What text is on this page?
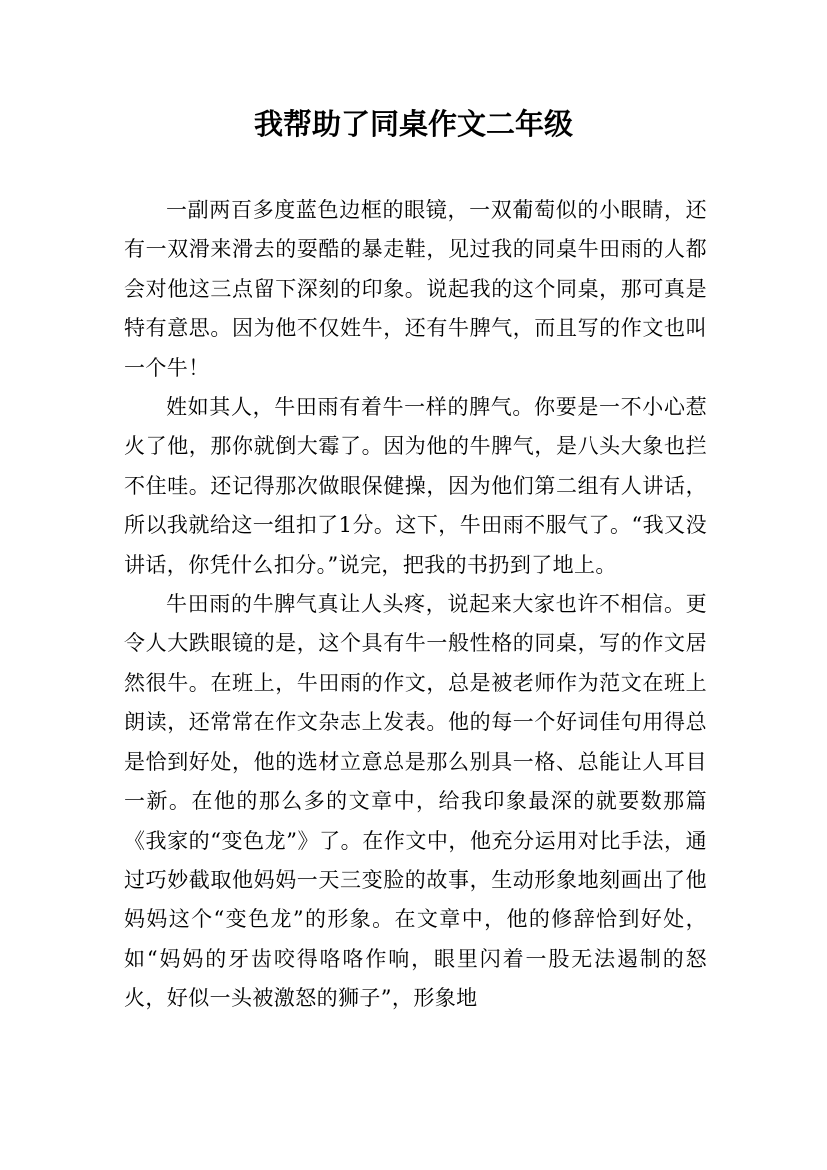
我帮助了同桌作文二年级

一副两百多度蓝色边框的眼镜，一双葡萄似的小眼睛，还有一双滑来滑去的耍酷的暴走鞋，见过我的同桌牛田雨的人都会对他这三点留下深刻的印象。说起我的这个同桌，那可真是特有意思。因为他不仅姓牛，还有牛脾气，而且写的作文也叫一个牛！

姓如其人，牛田雨有着牛一样的脾气。你要是一不小心惹火了他，那你就倒大霉了。因为他的牛脾气，是八头大象也拦不住哇。还记得那次做眼保健操，因为他们第二组有人讲话，所以我就给这一组扣了1分。这下，牛田雨不服气了。“我又没讲话，你凭什么扣分。”说完，把我的书扔到了地上。

牛田雨的牛脾气真让人头疼，说起来大家也许不相信。更令人大跌眼镜的是，这个具有牛一般性格的同桌，写的作文居然很牛。在班上，牛田雨的作文，总是被老师作为范文在班上朗读，还常常在作文杂志上发表。他的每一个好词佳句用得总是恰到好处，他的选材立意总是那么别具一格、总能让人耳目一新。在他的那么多的文章中，给我印象最深的就要数那篇《我家的“变色龙”》了。在作文中，他充分运用对比手法，通过巧妙截取他妈妈一天三变脸的故事，生动形象地刻画出了他妈妈这个“变色龙”的形象。在文章中，他的修辞恰到好处，如“妈妈的牙齿咬得咯咯作响，眼里闪着一股无法遏制的怒火，好似一头被激怒的狮子”，形象地
